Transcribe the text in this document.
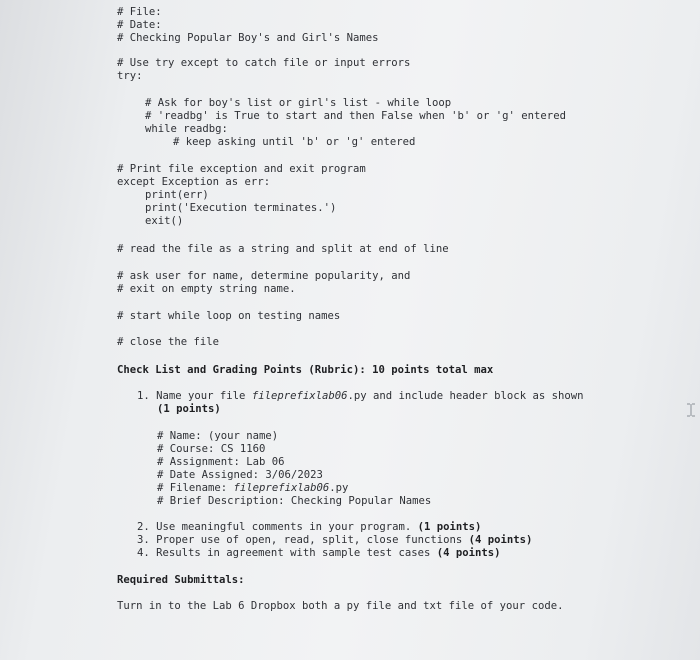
# File:
# Date:
# Checking Popular Boy's and Girl's Names
# Use try except to catch file or input errors
try:
# Ask for boy's list or girl's list - while loop
# 'readbg' is True to start and then False when 'b' or 'g' entered
while readbg:
# keep asking until 'b' or 'g' entered
# Print file exception and exit program
except Exception as err:
print(err)
print('Execution terminates.')
exit()
# read the file as a string and split at end of line
# ask user for name, determine popularity, and
# exit on empty string name.
# start while loop on testing names
# close the file
Check List and Grading Points (Rubric): 10 points total max
1. Name your file fileprefixlab06.py and include header block as shown
(1 points)
# Name: (your name)
# Course: CS 1160
# Assignment: Lab 06
# Date Assigned: 3/06/2023
# Filename: fileprefixlab06.py
# Brief Description: Checking Popular Names
2. Use meaningful comments in your program. (1 points)
3. Proper use of open, read, split, close functions (4 points)
4. Results in agreement with sample test cases (4 points)
Required Submittals:
Turn in to the Lab 6 Dropbox both a py file and txt file of your code.
